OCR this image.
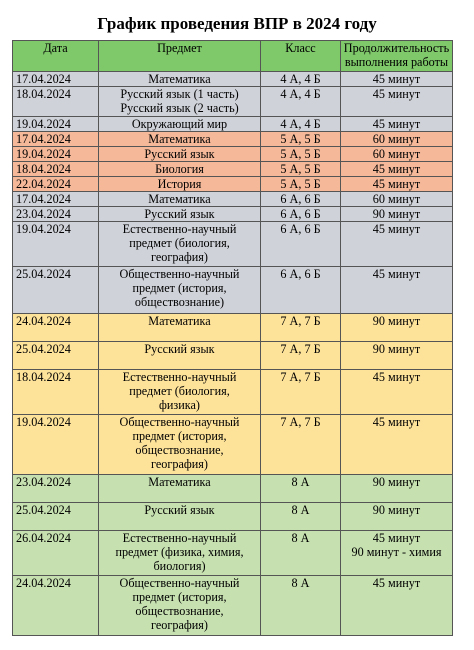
График проведения ВПР в 2024 году
Дата	Предмет	Класс	Продолжительность выполнения работы
17.04.2024	Математика	4 А, 4 Б	45 минут

18.04.2024	Русский язык (1 часть)
Русский язык (2 часть)	4 А, 4 Б	45 минут

19.04.2024	Окружающий мир	4 А, 4 Б	45 минут

17.04.2024	Математика	5 А, 5 Б	60 минут

19.04.2024	Русский язык	5 А, 5 Б	60 минут

18.04.2024	Биология	5 А, 5 Б	45 минут

22.04.2024	История	5 А, 5 Б	45 минут

17.04.2024	Математика	6 А, 6 Б	60 минут

23.04.2024	Русский язык	6 А, 6 Б	90 минут

19.04.2024	Естественно-научный
предмет (биология,
география)	6 А, 6 Б	45 минут

25.04.2024	Общественно-научный
предмет (история,
обществознание)	6 А, 6 Б	45 минут

24.04.2024	Математика	7 А, 7 Б	90 минут

25.04.2024	Русский язык	7 А, 7 Б	90 минут

18.04.2024	Естественно-научный
предмет (биология,
физика)	7 А, 7 Б	45 минут

19.04.2024	Общественно-научный
предмет (история,
обществознание,
география)	7 А, 7 Б	45 минут

23.04.2024	Математика	8 А	90 минут

25.04.2024	Русский язык	8 А	90 минут

26.04.2024	Естественно-научный
предмет (физика, химия,
биология)	8 А	45 минут
90 минут - химия

24.04.2024	Общественно-научный
предмет (история,
обществознание,
география)	8 А	45 минут
